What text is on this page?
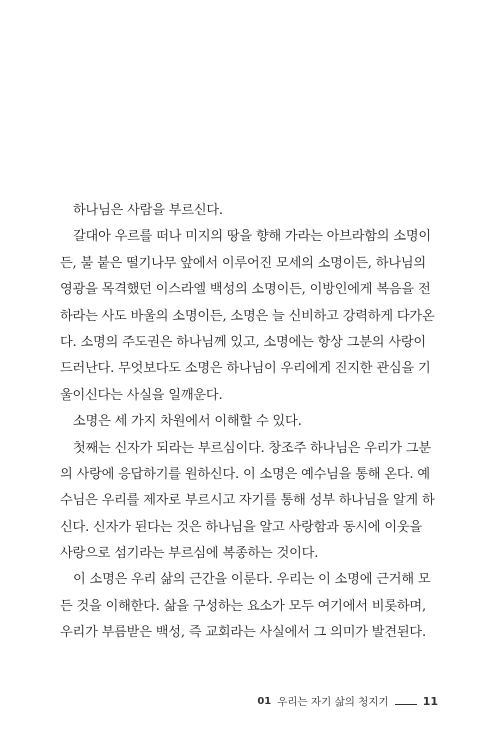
하나님은 사람을 부르신다.
갈대아 우르를 떠나 미지의 땅을 향해 가라는 아브라함의 소명이
든, 불 붙은 떨기나무 앞에서 이루어진 모세의 소명이든, 하나님의
영광을 목격했던 이스라엘 백성의 소명이든, 이방인에게 복음을 전
하라는 사도 바울의 소명이든, 소명은 늘 신비하고 강력하게 다가온
다. 소명의 주도권은 하나님께 있고, 소명에는 항상 그분의 사랑이
드러난다. 무엇보다도 소명은 하나님이 우리에게 진지한 관심을 기
울이신다는 사실을 일깨운다.
소명은 세 가지 차원에서 이해할 수 있다.
첫째는 신자가 되라는 부르심이다. 창조주 하나님은 우리가 그분
의 사랑에 응답하기를 원하신다. 이 소명은 예수님을 통해 온다. 예
수님은 우리를 제자로 부르시고 자기를 통해 성부 하나님을 알게 하
신다. 신자가 된다는 것은 하나님을 알고 사랑함과 동시에 이웃을
사랑으로 섬기라는 부르심에 복종하는 것이다.
이 소명은 우리 삶의 근간을 이룬다. 우리는 이 소명에 근거해 모
든 것을 이해한다. 삶을 구성하는 요소가 모두 여기에서 비롯하며,
우리가 부름받은 백성, 즉 교회라는 사실에서 그 의미가 발견된다.
01 우리는 자기 삶의 청지기	11
